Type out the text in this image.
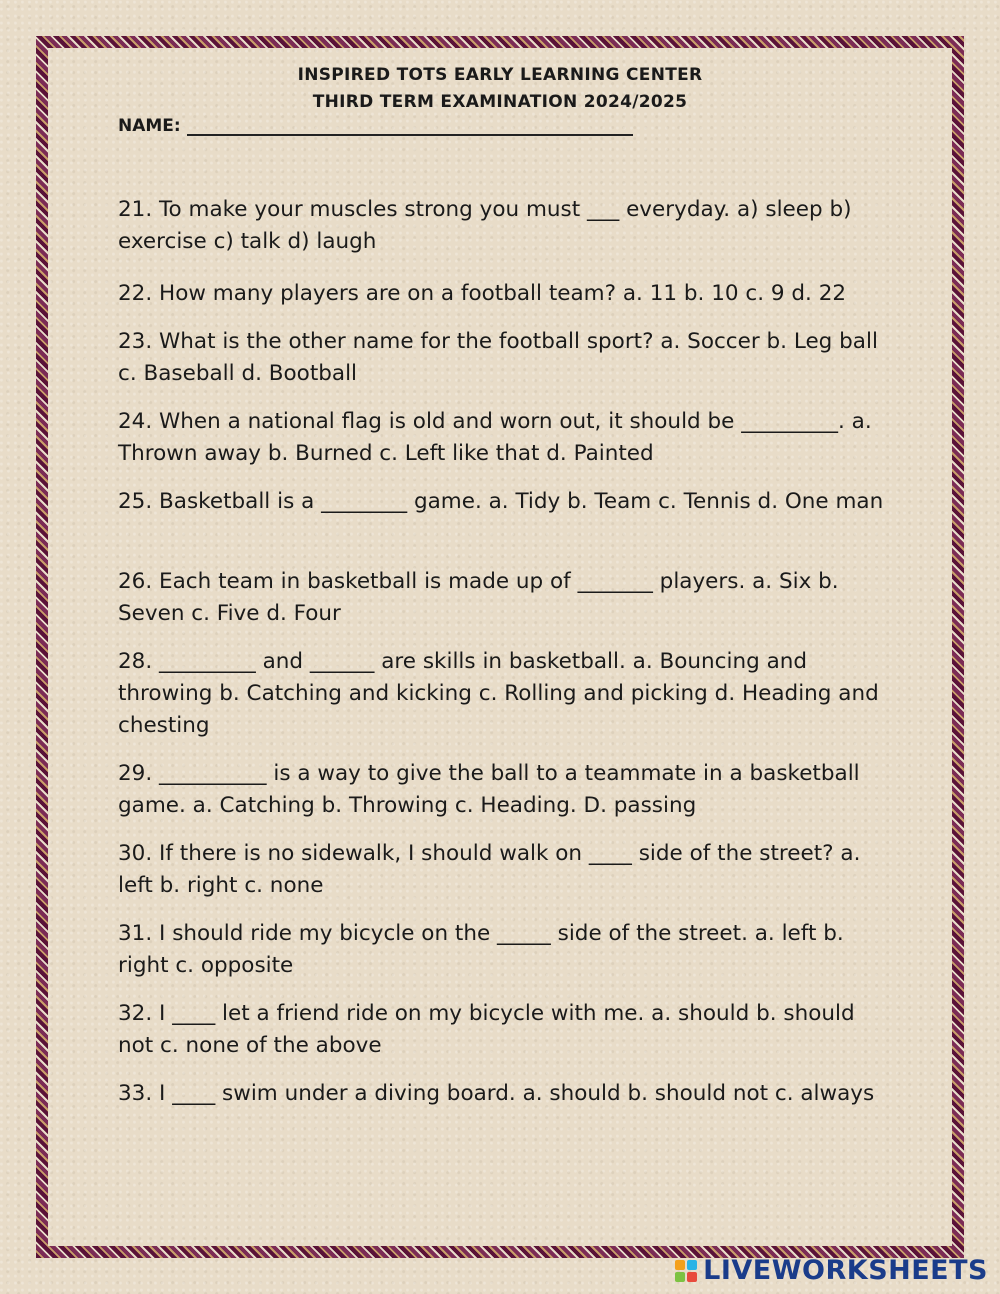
INSPIRED TOTS EARLY LEARNING CENTER
THIRD TERM EXAMINATION 2024/2025
NAME:

21. To make your muscles strong you must ___ everyday. a) sleep b) exercise c) talk d) laugh

22. How many players are on a football team? a. 11 b. 10 c. 9 d. 22

23. What is the other name for the football sport? a. Soccer b. Leg ball c. Baseball d. Bootball

24. When a national flag is old and worn out, it should be _________. a. Thrown away b. Burned c. Left like that d. Painted

25. Basketball is a ________ game. a. Tidy b. Team c. Tennis d. One man

26. Each team in basketball is made up of _______ players. a. Six b. Seven c. Five d. Four

28. _________ and ______ are skills in basketball. a. Bouncing and throwing b. Catching and kicking c. Rolling and picking d. Heading and chesting

29. __________ is a way to give the ball to a teammate in a basketball game. a. Catching b. Throwing c. Heading. D. passing

30. If there is no sidewalk, I should walk on ____ side of the street? a. left b. right c. none

31. I should ride my bicycle on the _____ side of the street. a. left b. right c. opposite

32. I ____ let a friend ride on my bicycle with me. a. should b. should not c. none of the above

33. I ____ swim under a diving board. a. should b. should not c. always

LIVEWORKSHEETS
